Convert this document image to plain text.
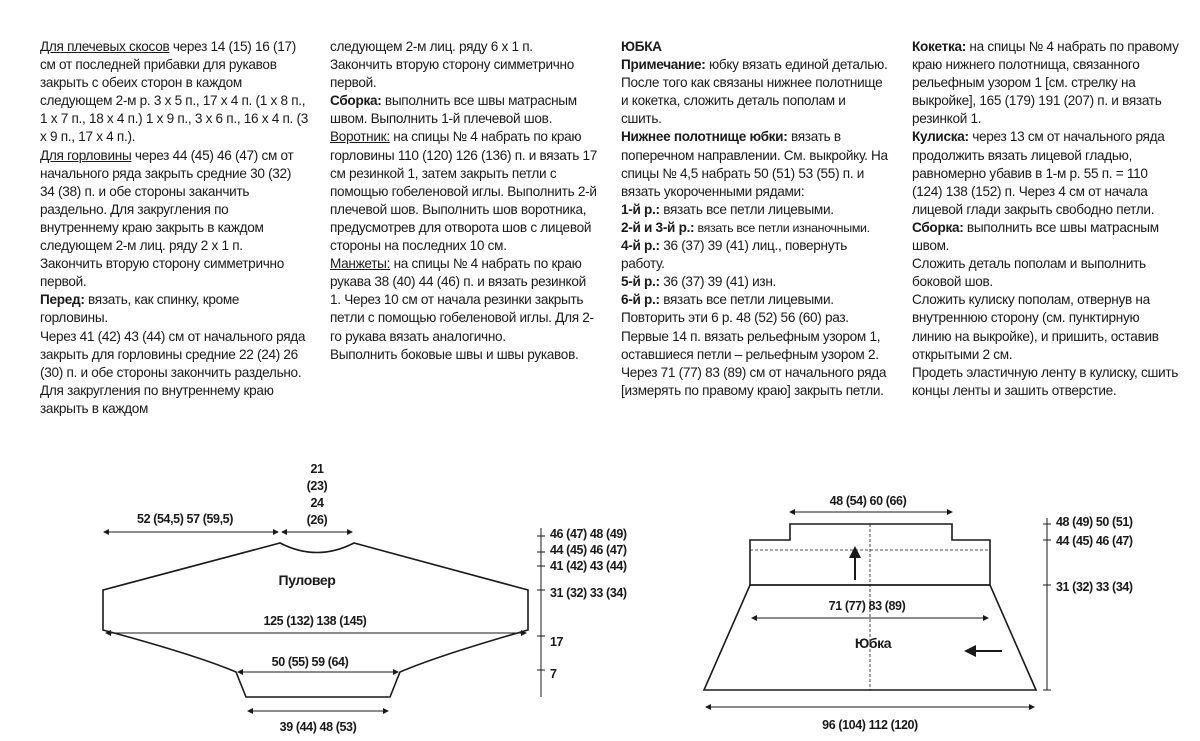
Для плечевых скосов через 14 (15) 16 (17) см от последней прибавки для рукавов закрыть с обеих сторон в каждом следующем 2-м р. 3 х 5 п., 17 х 4 п. (1 х 8 п., 1 х 7 п., 18 х 4 п.) 1 х 9 п., 3 х 6 п., 16 х 4 п. (3 х 9 п., 17 х 4 п.).

Для горловины через 44 (45) 46 (47) см от начального ряда закрыть средние 30 (32) 34 (38) п. и обе стороны заканчить раздельно. Для закругления по внутреннему краю закрыть в каждом следующем 2-м лиц. ряду 2 х 1 п. Закончить вторую сторону симметрично первой.

Перед: вязать, как спинку, кроме горловины.

Через 41 (42) 43 (44) см от начального ряда закрыть для горловины средние 22 (24) 26 (30) п. и обе стороны закончить раздельно. Для закругления по внутреннему краю закрыть в каждом

следующем 2-м лиц. ряду 6 х 1 п. Закончить вторую сторону симметрично первой.

Сборка: выполнить все швы матрасным швом. Выполнить 1-й плечевой шов.

Воротник: на спицы № 4 набрать по краю горловины 110 (120) 126 (136) п. и вязать 17 см резинкой 1, затем закрыть петли с помощью гобеленовой иглы. Выполнить 2-й плечевой шов. Выполнить шов воротника, предусмотрев для отворота шов с лицевой стороны на последних 10 см.

Манжеты: на спицы № 4 набрать по краю рукава 38 (40) 44 (46) п. и вязать резинкой 1. Через 10 см от начала резинки закрыть петли с помощью гобеленовой иглы. Для 2-го рукава вязать аналогично.

Выполнить боковые швы и швы рукавов.

ЮБКА

Примечание: юбку вязать единой деталью. После того как связаны нижнее полотнище и кокетка, сложить деталь пополам и сшить.

Нижнее полотнище юбки: вязать в поперечном направлении. См. выкройку. На спицы № 4,5 набрать 50 (51) 53 (55) п. и вязать укороченными рядами:

1-й р.: вязать все петли лицевыми.

2-й и 3-й р.: вязать все петли изнаночными.

4-й р.: 36 (37) 39 (41) лиц., повернуть работу.

5-й р.: 36 (37) 39 (41) изн.

6-й р.: вязать все петли лицевыми.

Повторить эти 6 р. 48 (52) 56 (60) раз. Первые 14 п. вязать рельефным узором 1, оставшиеся петли – рельефным узором 2.

Через 71 (77) 83 (89) см от начального ряда [измерять по правому краю] закрыть петли.

Кокетка: на спицы № 4 набрать по правому краю нижнего полотнища, связанного рельефным узором 1 [см. стрелку на выкройке], 165 (179) 191 (207) п. и вязать резинкой 1.

Кулиска: через 13 см от начального ряда продолжить вязать лицевой гладью, равномерно убавив в 1-м р. 55 п. = 110 (124) 138 (152) п. Через 4 см от начала лицевой глади закрыть свободно петли.

Сборка: выполнить все швы матрасным швом.

Сложить деталь пополам и выполнить боковой шов.

Сложить кулиску пополам, отвернув на внутреннюю сторону (см. пунктирную линию на выкройке), и пришить, оставив открытыми 2 см.

Продеть эластичную ленту в кулиску, сшить концы ленты и зашить отверстие.

Пуловер
21
(23)
24
(26)
52 (54,5) 57 (59,5)
125 (132) 138 (145)
50 (55) 59 (64)
39 (44) 48 (53)
46 (47) 48 (49)
44 (45) 46 (47)
41 (42) 43 (44)
31 (32) 33 (34)
17
7
48 (54) 60 (66)
71 (77) 83 (89)
Юбка
96 (104) 112 (120)
48 (49) 50 (51)
44 (45) 46 (47)
31 (32) 33 (34)
